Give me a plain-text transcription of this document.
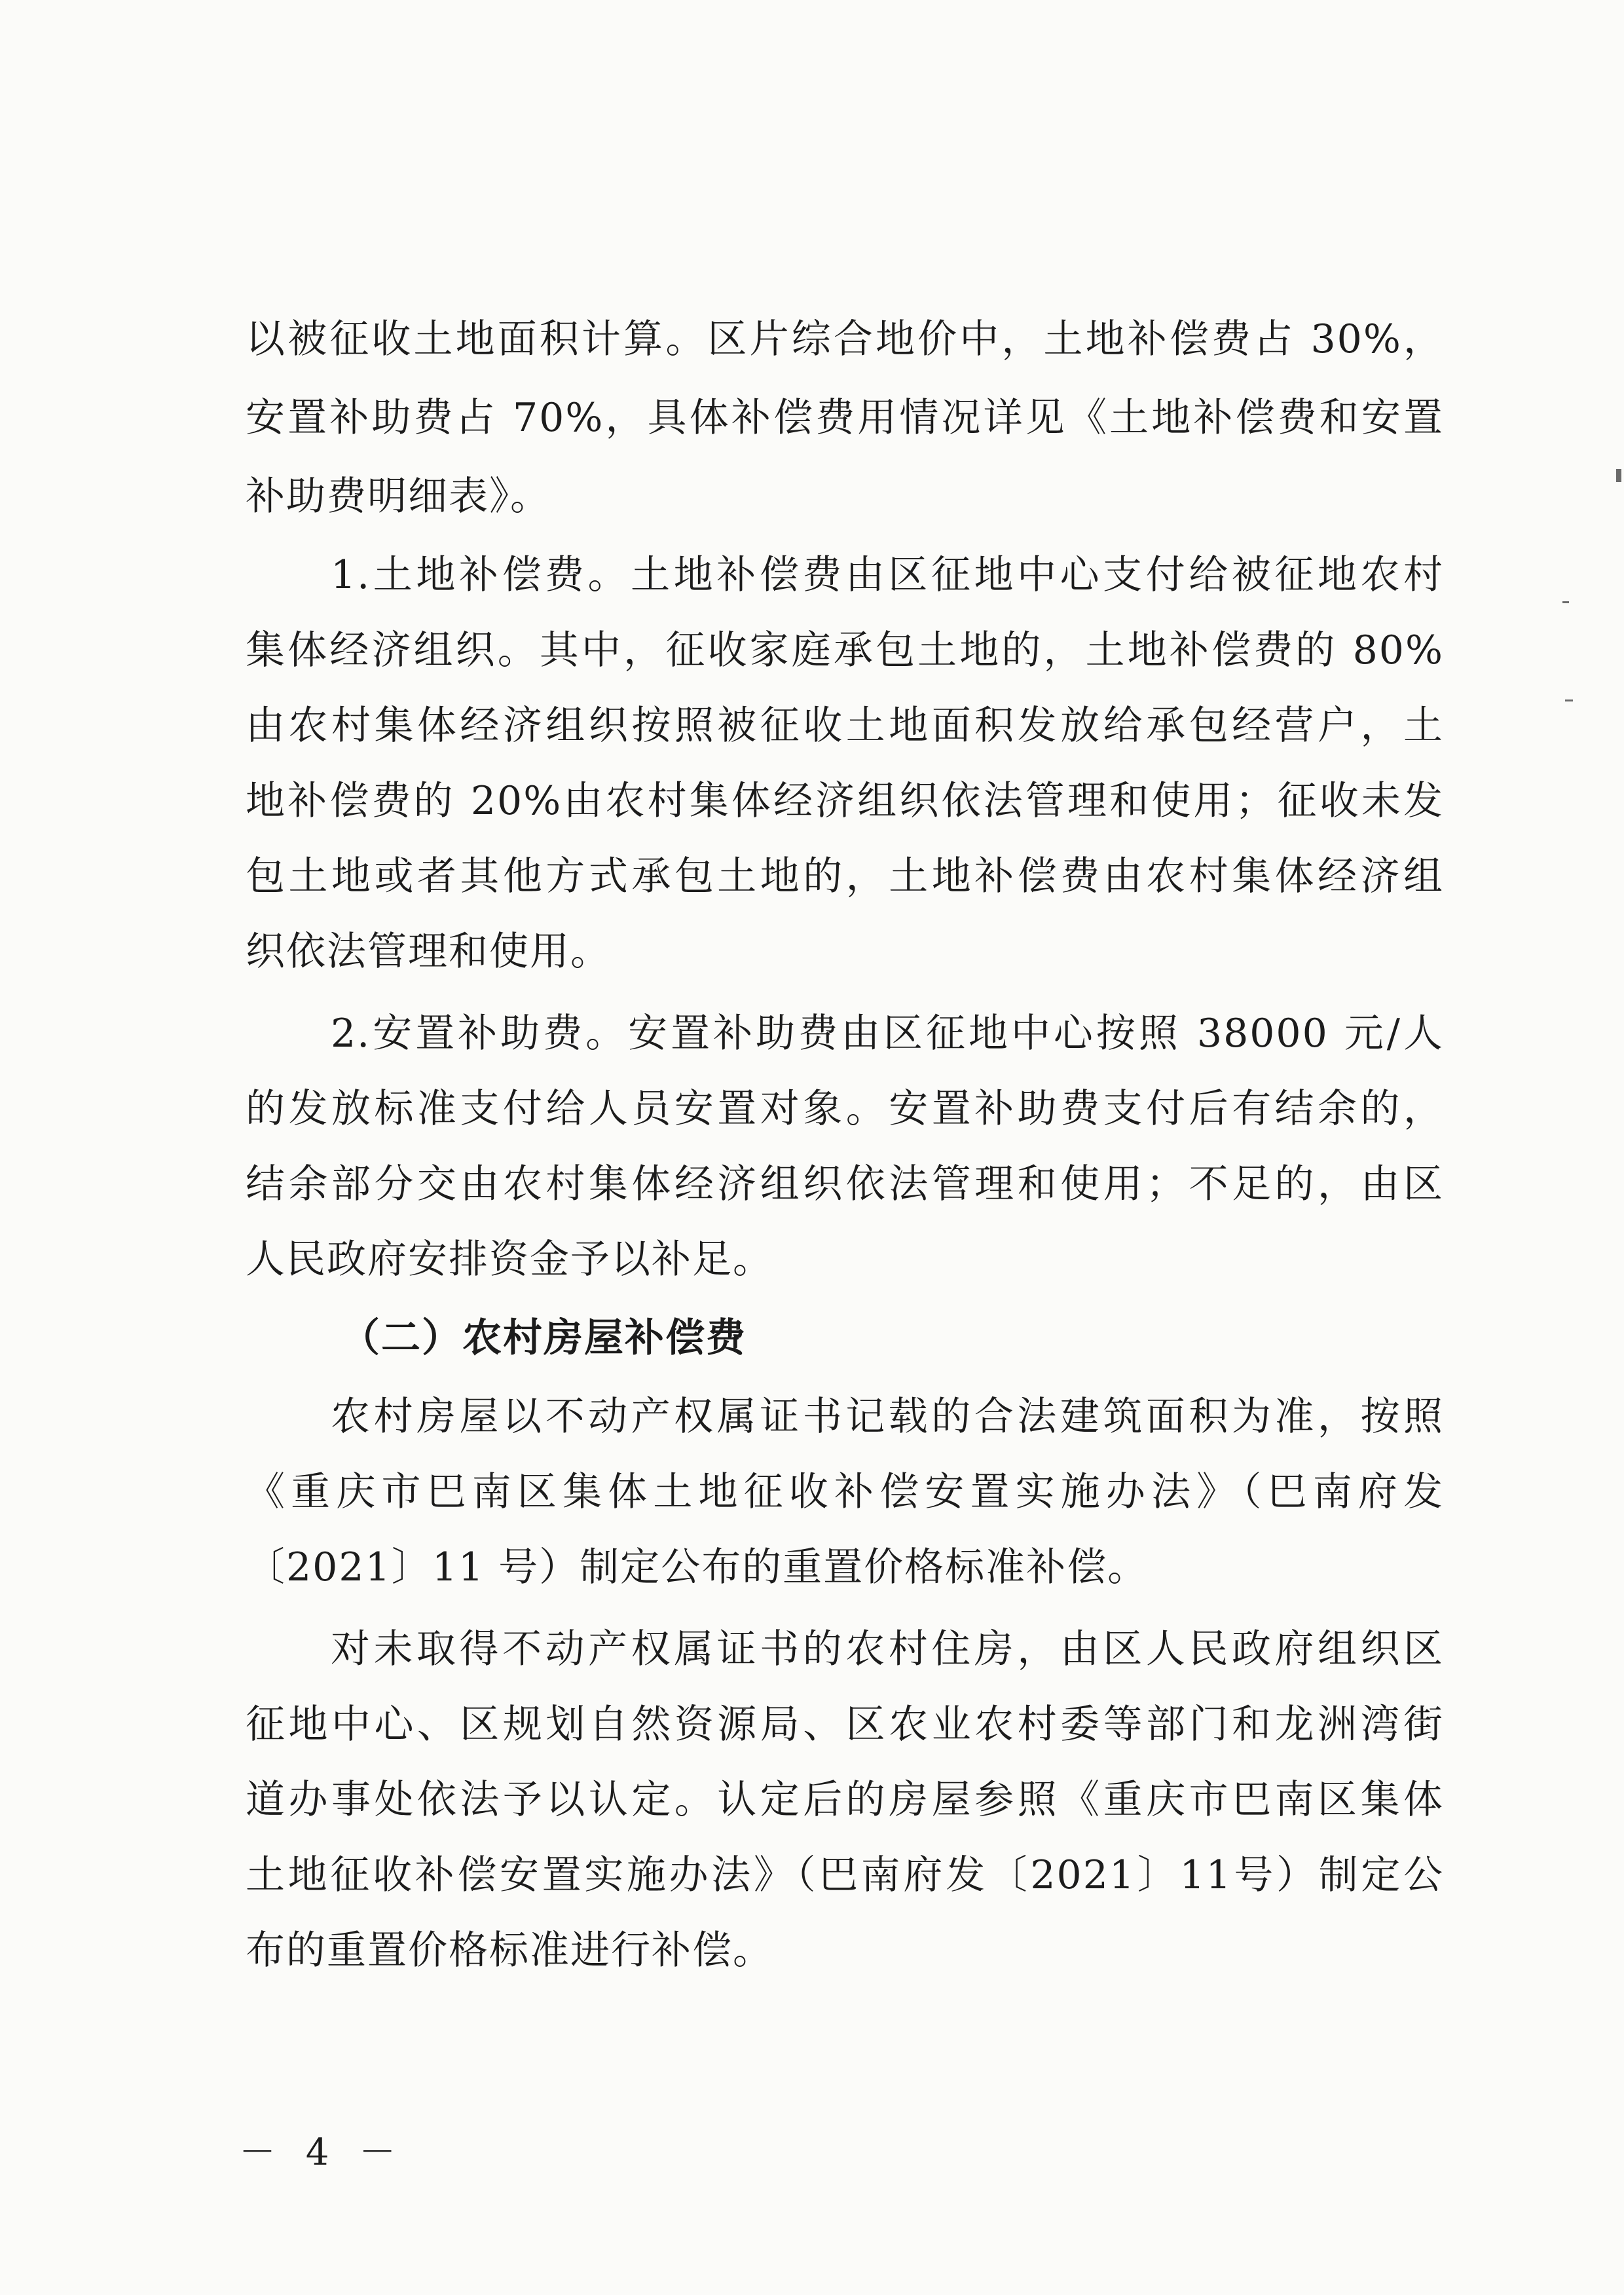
以被征收土地面积计算。区片综合地价中，土地补偿费占 30%，
安置补助费占 70%，具体补偿费用情况详见《土地补偿费和安置
补助费明细表》。
1.土地补偿费。土地补偿费由区征地中心支付给被征地农村
集体经济组织。其中，征收家庭承包土地的，土地补偿费的 80%
由农村集体经济组织按照被征收土地面积发放给承包经营户，土
地补偿费的 20%由农村集体经济组织依法管理和使用；征收未发
包土地或者其他方式承包土地的，土地补偿费由农村集体经济组
织依法管理和使用。
2.安置补助费。安置补助费由区征地中心按照 38000 元/人
的发放标准支付给人员安置对象。安置补助费支付后有结余的，
结余部分交由农村集体经济组织依法管理和使用；不足的，由区
人民政府安排资金予以补足。
（二）农村房屋补偿费
农村房屋以不动产权属证书记载的合法建筑面积为准，按照
《重庆市巴南区集体土地征收补偿安置实施办法》（巴南府发
〔2021〕11 号）制定公布的重置价格标准补偿。
对未取得不动产权属证书的农村住房，由区人民政府组织区
征地中心、区规划自然资源局、区农业农村委等部门和龙洲湾街
道办事处依法予以认定。认定后的房屋参照《重庆市巴南区集体
土地征收补偿安置实施办法》（巴南府发〔2021〕11号）制定公
布的重置价格标准进行补偿。
－ 4 －
